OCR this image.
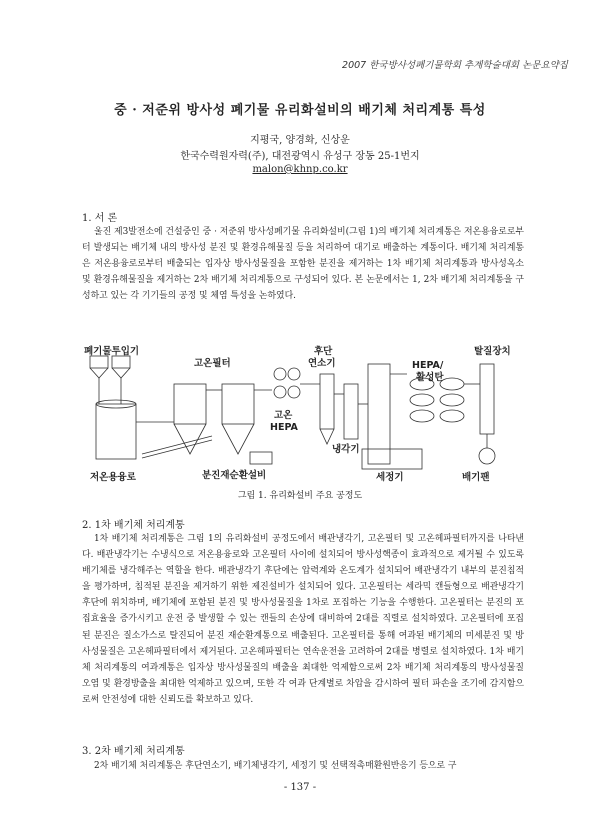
2007 한국방사성폐기물학회 추계학술대회 논문요약집
중 · 저준위 방사성 폐기물 유리화설비의 배기체 처리계통 특성
지평국, 양경화, 신상운
한국수력원자력(주), 대전광역시 유성구 장동 25-1번지
malon@khnp.co.kr
1. 서 론

울진 제3발전소에 건설중인 중 · 저준위 방사성폐기물 유리화설비(그림 1)의 배기체 처리계통은 저온용융로로부터 발생되는 배기체 내의 방사성 분진 및 환경유해물질 등을 처리하여 대기로 배출하는 계통이다. 배기체 처리계통은 저온용융로로부터 배출되는 입자상 방사성물질을 포함한 분진을 제거하는 1차 배기체 처리계통과 방사성옥소 및 환경유해물질을 제거하는 2차 배기체 처리계통으로 구성되어 있다. 본 논문에서는 1, 2차 배기체 처리계통을 구성하고 있는 각 기기들의 공정 및 체염 특성을 논하였다.

폐기물투입기
고온필터
후단
연소기
고온
HEPA
냉각기
저온용융로	분진재순환설비	세정기
HEPA/
활성탄
탈질장치
배기팬
그림 1. 유리화설비 주요 공정도
2. 1차 배기체 처리계통

1차 배기체 처리계통은 그림 1의 유리화설비 공정도에서 배관냉각기, 고온필터 및 고온헤파필터까지를 나타낸다. 배관냉각기는 수냉식으로 저온용융로와 고온필터 사이에 설치되어 방사성핵종이 효과적으로 제거될 수 있도록 배기체를 냉각해주는 역할을 한다. 배관냉각기 후단에는 압력계와 온도계가 설치되어 배관냉각기 내부의 분진침적을 평가하며, 침적된 분진을 제거하기 위한 제진설비가 설치되어 있다. 고온필터는 세라믹 캔들형으로 배관냉각기 후단에 위치하며, 배기체에 포함된 분진 및 방사성물질을 1차로 포집하는 기능을 수행한다. 고온필터는 분진의 포집효율을 증가시키고 운전 중 발생할 수 있는 캔들의 손상에 대비하여 2대를 직렬로 설치하였다. 고온필터에 포집된 분진은 질소가스로 탈진되어 분진 재순환계통으로 배출된다. 고온필터를 통해 여과된 배기체의 미세분진 및 방사성물질은 고온헤파필터에서 제거된다. 고온헤파필터는 연속운전을 고려하여 2대를 병렬로 설치하였다. 1차 배기체 처리계통의 여과계통은 입자상 방사성물질의 배출을 최대한 억제함으로써 2차 배기체 처리계통의 방사성물질 오염 및 환경방출을 최대한 억제하고 있으며, 또한 각 여과 단계별로 차압을 감시하여 필터 파손을 조기에 감지함으로써 안전성에 대한 신뢰도를 확보하고 있다.

3. 2차 배기체 처리계통

2차 배기체 처리계통은 후단연소기, 배기체냉각기, 세정기 및 선택적촉매환원반응기 등으로 구

- 137 -
